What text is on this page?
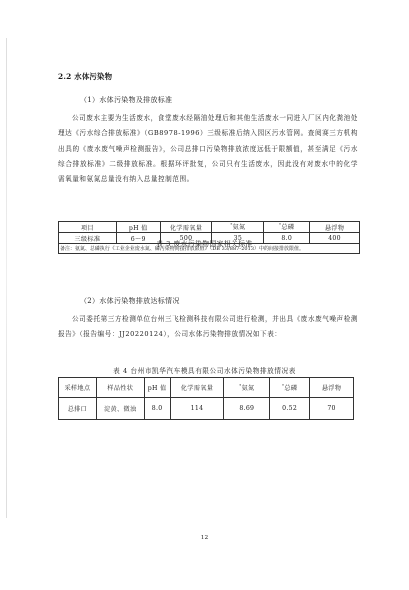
2.2 水体污染物
（1）水体污染物及排放标准
公司废水主要为生活废水，食堂废水经隔油处理后和其他生活废水一同进入厂区内化粪池处理达《污水综合排放标准》（GB8978-1996）三级标准后纳入园区污水管网。查阅赛三方机构出具的《废水废气噪声检测报告》，公司总排口污染物排放浓度远低于限额值，甚至满足《污水综合排放标准》二级排放标准。根据环评批复，公司只有生活废水，因此没有对废水中的化学需氧量和氨氮总量没有纳入总量控制范围。
表 3 废水污染物国家相关标准
项目	pH 值	化学需氧量	*氨氮	*总磷	悬浮物
三级标准	6～9	500	35	8.0	400
备注：氨氮、总磷执行《工业企业废水氮、磷污染物间接排放限值》（DB 33/887-2013）中的间接排放限值。					
（2）水体污染物排放达标情况
公司委托第三方检测单位台州三飞检测科技有限公司进行检测，并出具《废水废气噪声检测报告》（报告编号：JJ20220124），公司水体污染物排放情况如下表：
表 4 台州市凯华汽车模具有限公司水体污染物排放情况表
采样地点	样品性状	pH 值	化学需氧量	*氨氮	*总磷	悬浮物
总排口	淀黄、微浊	8.0	114	8.69	0.52	70
12
